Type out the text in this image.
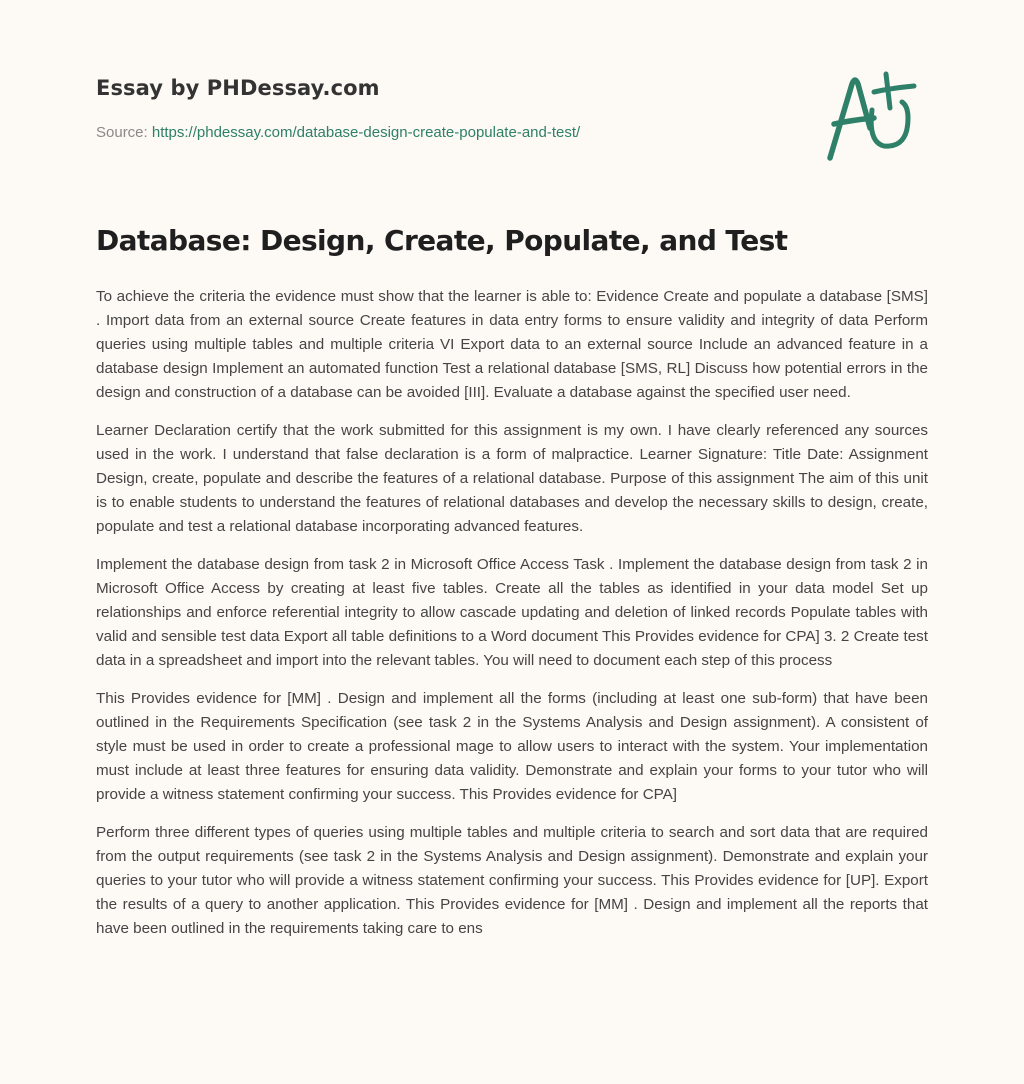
Essay by PHDessay.com
Source: https://phdessay.com/database-design-create-populate-and-test/
Database: Design, Create, Populate, and Test

To achieve the criteria the evidence must show that the learner is able to: Evidence Create and populate a database [SMS] . Import data from an external source Create features in data entry forms to ensure validity and integrity of data Perform queries using multiple tables and multiple criteria VI Export data to an external source Include an advanced feature in a database design Implement an automated function Test a relational database [SMS, RL] Discuss how potential errors in the design and construction of a database can be avoided [III]. Evaluate a database against the specified user need.

Learner Declaration certify that the work submitted for this assignment is my own. I have clearly referenced any sources used in the work. I understand that false declaration is a form of malpractice. Learner Signature: Title Date: Assignment Design, create, populate and describe the features of a relational database. Purpose of this assignment The aim of this unit is to enable students to understand the features of relational databases and develop the necessary skills to design, create, populate and test a relational database incorporating advanced features.

Implement the database design from task 2 in Microsoft Office Access Task . Implement the database design from task 2 in Microsoft Office Access by creating at least five tables. Create all the tables as identified in your data model Set up relationships and enforce referential integrity to allow cascade updating and deletion of linked records Populate tables with valid and sensible test data Export all table definitions to a Word document This Provides evidence for CPA] 3. 2 Create test data in a spreadsheet and import into the relevant tables. You will need to document each step of this process

This Provides evidence for [MM] . Design and implement all the forms (including at least one sub-form) that have been outlined in the Requirements Specification (see task 2 in the Systems Analysis and Design assignment). A consistent of style must be used in order to create a professional mage to allow users to interact with the system. Your implementation must include at least three features for ensuring data validity. Demonstrate and explain your forms to your tutor who will provide a witness statement confirming your success. This Provides evidence for CPA]

Perform three different types of queries using multiple tables and multiple criteria to search and sort data that are required from the output requirements (see task 2 in the Systems Analysis and Design assignment). Demonstrate and explain your queries to your tutor who will provide a witness statement confirming your success. This Provides evidence for [UP]. Export the results of a query to another application. This Provides evidence for [MM] . Design and implement all the reports that have been outlined in the requirements taking care to ens
